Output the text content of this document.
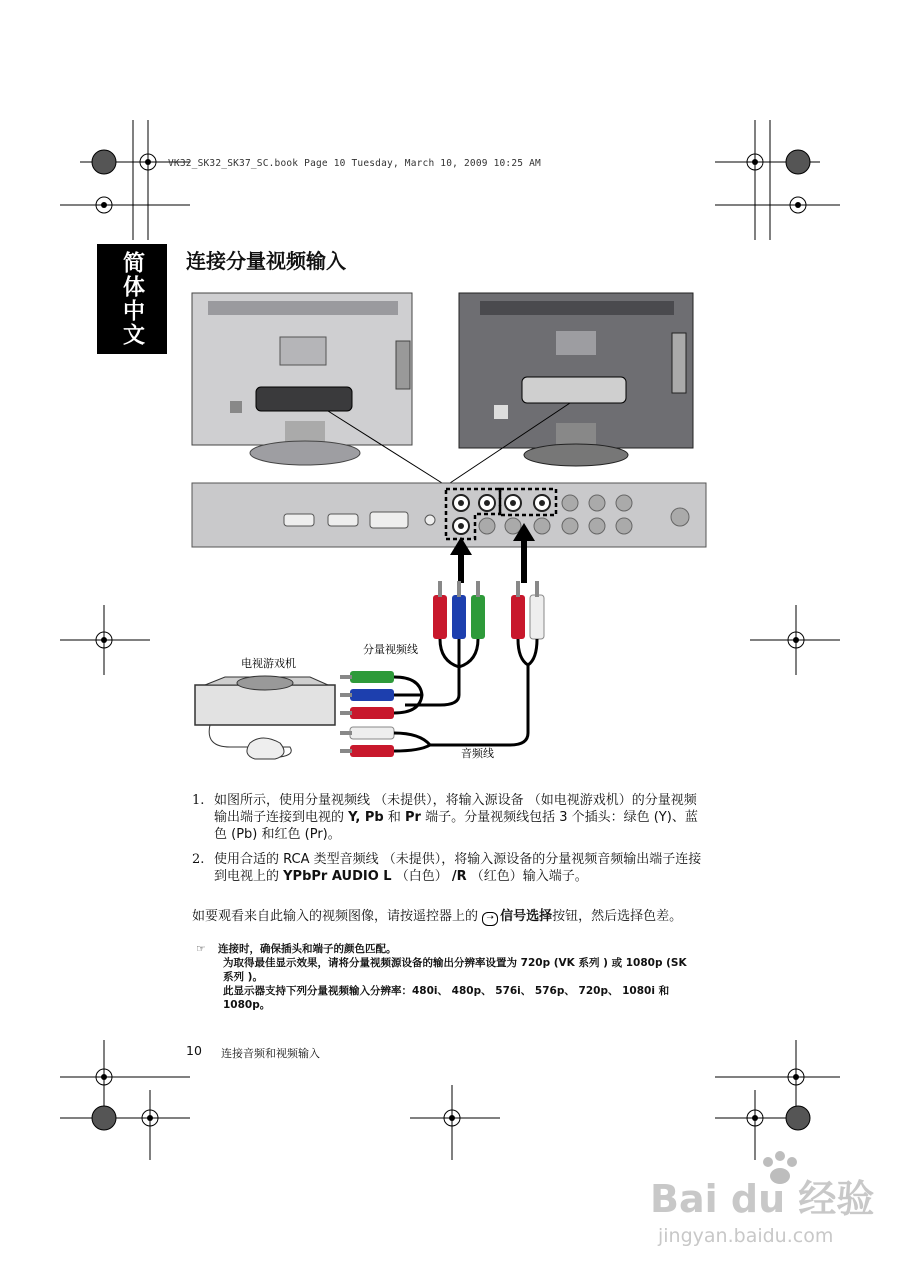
VK32_SK32_SK37_SC.book Page 10 Tuesday, March 10, 2009 10:25 AM
简体中文	连接分量视频输入
电视游戏机
分量视频线
音频线
1. 如图所示，使用分量视频线 （未提供），将输入源设备 （如电视游戏机）的分量视频输出端子连接到电视的 Y, Pb 和 Pr 端子。分量视频线包括 3 个插头：绿色 (Y)、蓝色 (Pb) 和红色 (Pr)。
2. 使用合适的 RCA 类型音频线 （未提供），将输入源设备的分量视频音频输出端子连接到电视上的 YPbPr AUDIO L （白色） /R （红色）输入端子。
如要观看来自此输入的视频图像，请按遥控器上的 ➝ 信号选择按钮，然后选择色差。
☞ 连接时，确保插头和端子的颜色匹配。
为取得最佳显示效果，请将分量视频源设备的输出分辨率设置为 720p (VK 系列 ) 或 1080p (SK 系列 )。
此显示器支持下列分量视频输入分辨率：480i、 480p、 576i、 576p、 720p、 1080i 和 1080p。
10 连接音频和视频输入
Bai du 经验
jingyan.baidu.com
